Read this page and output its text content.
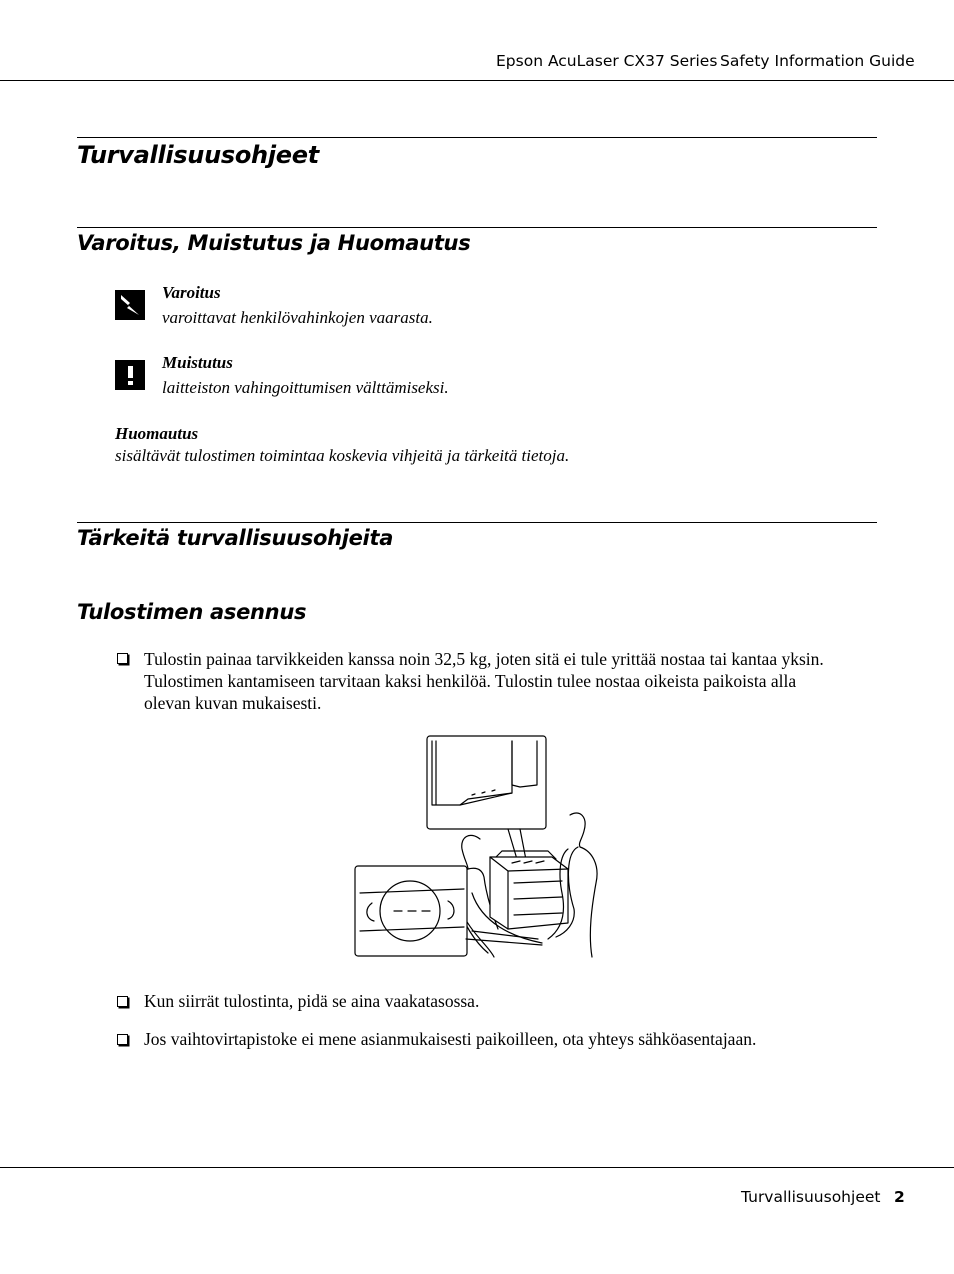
Epson AcuLaser CX37 Series Safety Information Guide
Turvallisuusohjeet
Varoitus, Muistutus ja Huomautus
Varoitus
varoittavat henkilövahinkojen vaarasta.
Muistutus
laitteiston vahingoittumisen välttämiseksi.
Huomautus
sisältävät tulostimen toimintaa koskevia vihjeitä ja tärkeitä tietoja.
Tärkeitä turvallisuusohjeita
Tulostimen asennus
Tulostin painaa tarvikkeiden kanssa noin 32,5 kg, joten sitä ei tule yrittää nostaa tai kantaa yksin.
Tulostimen kantamiseen tarvitaan kaksi henkilöä. Tulostin tulee nostaa oikeista paikoista alla
olevan kuvan mukaisesti.
Kun siirrät tulostinta, pidä se aina vaakatasossa.
Jos vaihtovirtapistoke ei mene asianmukaisesti paikoilleen, ota yhteys sähköasentajaan.
Turvallisuusohjeet 2
